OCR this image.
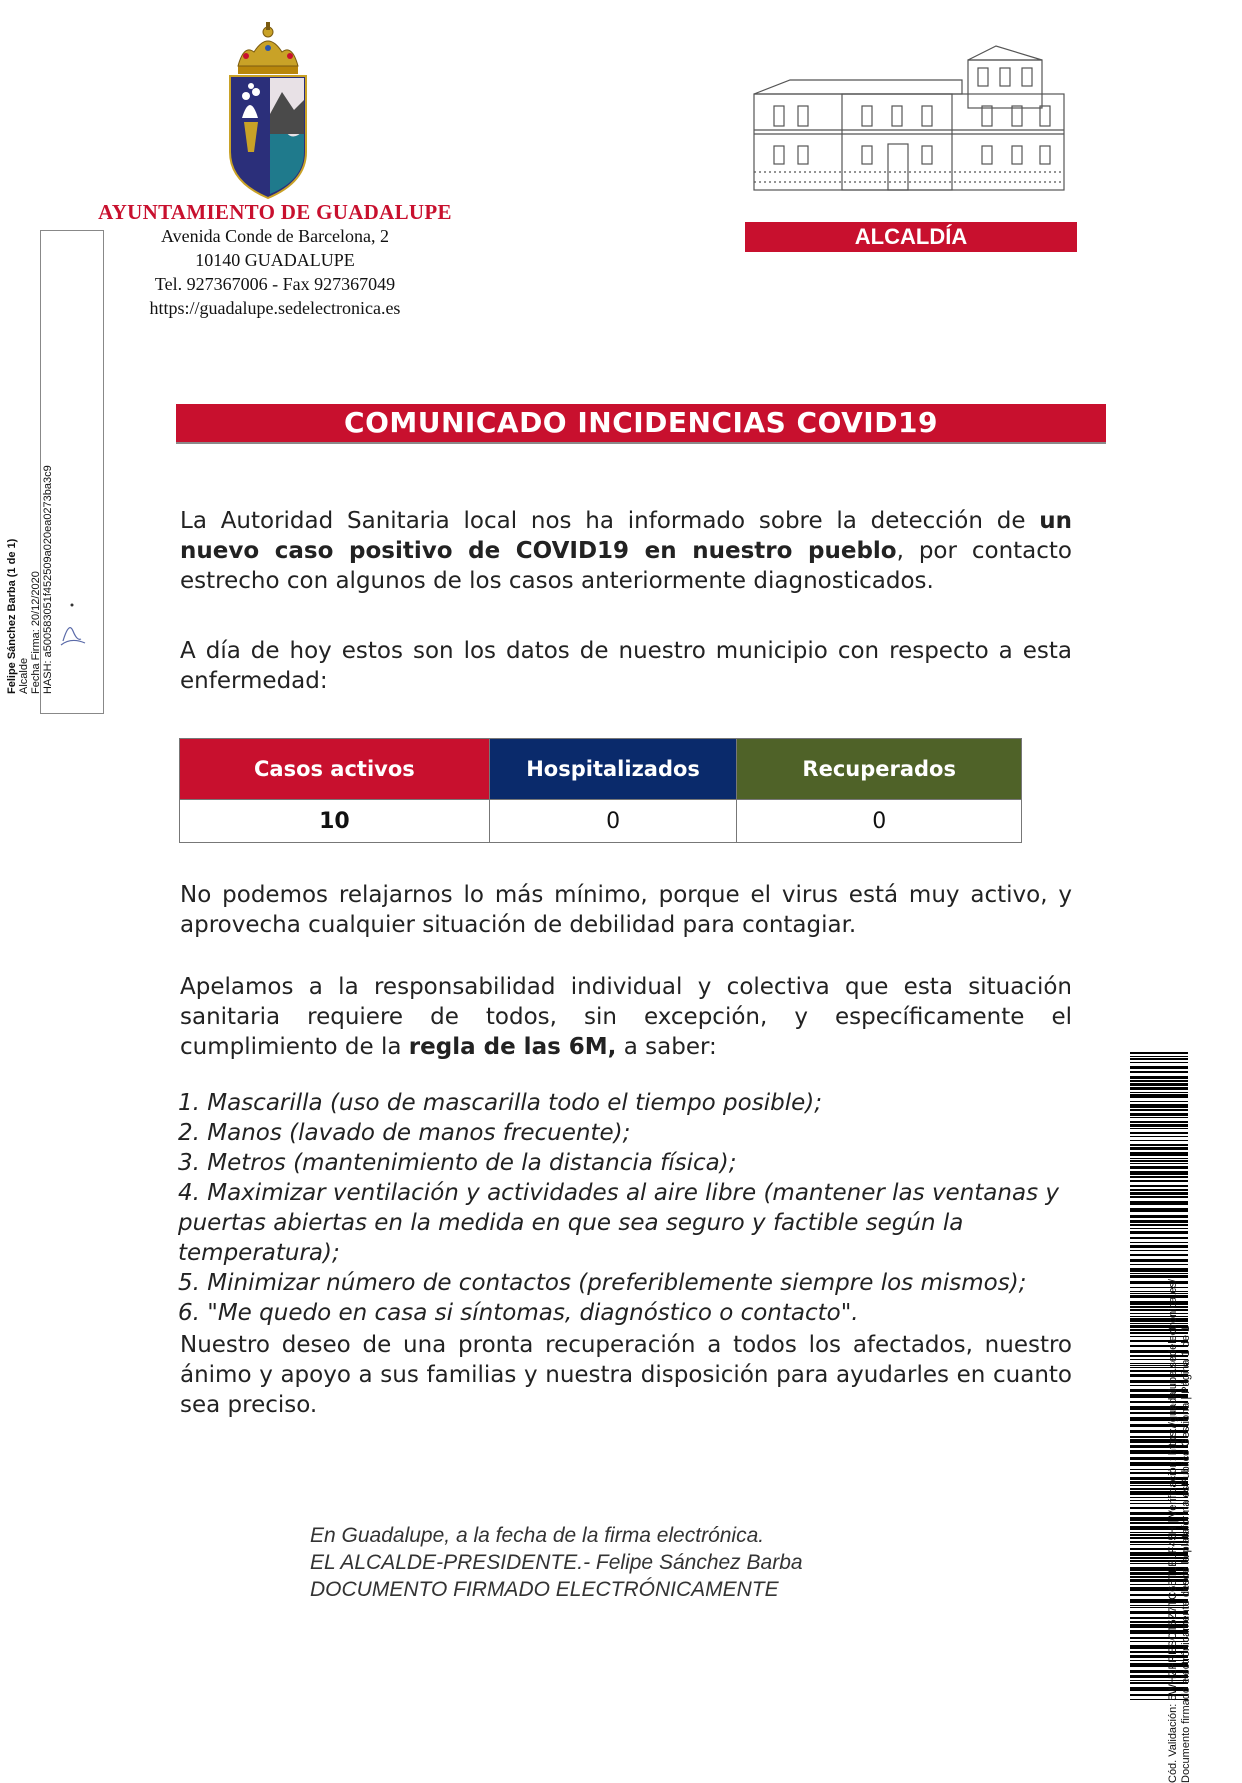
AYUNTAMIENTO DE GUADALUPE
Avenida Conde de Barcelona, 2
10140 GUADALUPE
Tel. 927367006 - Fax 927367049
https://guadalupe.sedelectronica.es
ALCALDÍA
Felipe Sánchez Barba (1 de 1) Alcalde Fecha Firma: 20/12/2020 HASH: a500583051f452509a020ea0273ba3c9
COMUNICADO INCIDENCIAS COVID19
La Autoridad Sanitaria local nos ha informado sobre la detección de un nuevo caso positivo de COVID19 en nuestro pueblo, por contacto estrecho con algunos de los casos anteriormente diagnosticados.
A día de hoy estos son los datos de nuestro municipio con respecto a esta enfermedad:
Casos activos	Hospitalizados	Recuperados
10	0	0
No podemos relajarnos lo más mínimo, porque el virus está muy activo, y aprovecha cualquier situación de debilidad para contagiar.
Apelamos a la responsabilidad individual y colectiva que esta situación sanitaria requiere de todos, sin excepción, y específicamente el cumplimiento de la regla de las 6M, a saber:
1. Mascarilla (uso de mascarilla todo el tiempo posible);
2. Manos (lavado de manos frecuente);
3. Metros (mantenimiento de la distancia física);
4. Maximizar ventilación y actividades al aire libre (mantener las ventanas y puertas abiertas en la medida en que sea seguro y factible según la temperatura);
5. Minimizar número de contactos (preferiblemente siempre los mismos);
6. "Me quedo en casa si síntomas, diagnóstico o contacto".
Nuestro deseo de una pronta recuperación a todos los afectados, nuestro ánimo y apoyo a sus familias y nuestra disposición para ayudarles en cuanto sea preciso.
En Guadalupe, a la fecha de la firma electrónica.
EL ALCALDE-PRESIDENTE.- Felipe Sánchez Barba
DOCUMENTO FIRMADO ELECTRÓNICAMENTE	Cód. Validación: 5WHZFRESCT5Z7TC65TLELF45H | Verificación: https://guadalupe.sedelectronica.es/ Documento firmado electrónicamente desde la plataforma esPublico Gestiona | Página 1 de 1
